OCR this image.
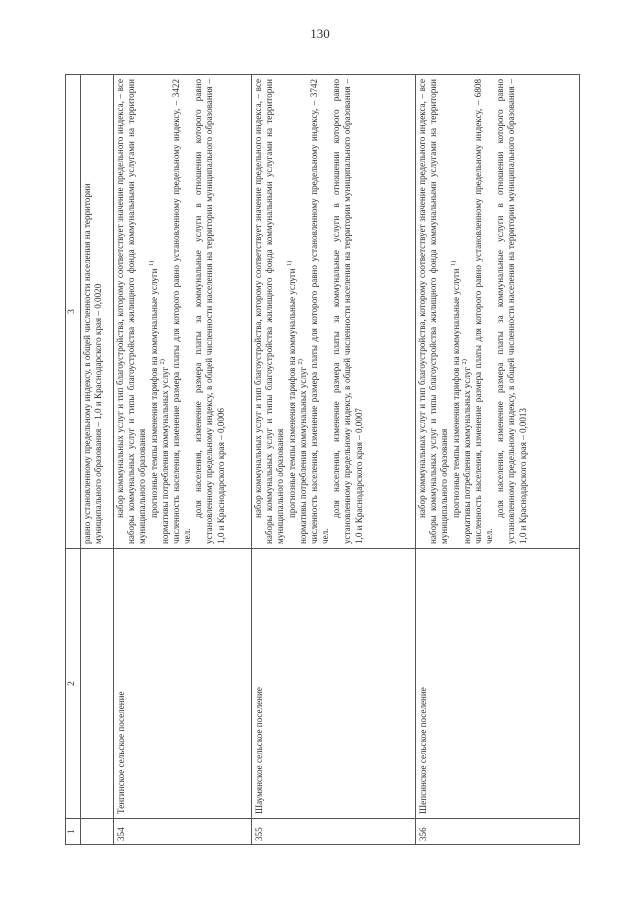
130
1	2	3

		равно установленному предельному индексу, в общей численности населения на территории муниципального образования – 1,0 и Краснодарского края – 0,0020

354	Тенгинское сельское поселение	набор коммунальных услуг и тип благоустройства, которому соответствует значение предельного индекса, – все наборы коммунальных услуг и типы благоустройства жилищного фонда коммунальными услугами на территории муниципального образования прогнозные темпы изменения тарифов на коммунальные услуги $^{1)}$

нормативы потребления коммунальных услуг $^{2)}$ численность населения, изменение размера платы для которого равно установленному предельному индексу, – 3422 чел.

доля населения, изменение размера платы за коммунальные услуги в отношении которого равно установленному предельному индексу, в общей численности населения на территории муниципального образования – 1,0 и Краснодарского края – 0,0006

355	Шаумянское сельское поселение	набор коммунальных услуг и тип благоустройства, которому соответствует значение предельного индекса, – все наборы коммунальных услуг и типы благоустройства жилищного фонда коммунальными услугами на территории муниципального образования прогнозные темпы изменения тарифов на коммунальные услуги $^{1)}$

нормативы потребления коммунальных услуг $^{2)}$ численность населения, изменение размера платы для которого равно установленному предельному индексу, – 3742 чел.

доля населения, изменение размера платы за коммунальные услуги в отношении которого равно установленному предельному индексу, в общей численности населения на территории муниципального образования – 1,0 и Краснодарского края – 0,0007

356	Шепсинское сельское поселение	набор коммунальных услуг и тип благоустройства, которому соответствует значение предельного индекса, – все наборы коммунальных услуг и типы благоустройства жилищного фонда коммунальными услугами на территории муниципального образования прогнозные темпы изменения тарифов на коммунальные услуги $^{1)}$

нормативы потребления коммунальных услуг $^{2)}$ численность населения, изменение размера платы для которого равно установленному предельному индексу, – 6808 чел.

доля населения, изменение размера платы за коммунальные услуги в отношении которого равно установленному предельному индексу, в общей численности населения на территории муниципального образования – 1,0 и Краснодарского края – 0,0013
